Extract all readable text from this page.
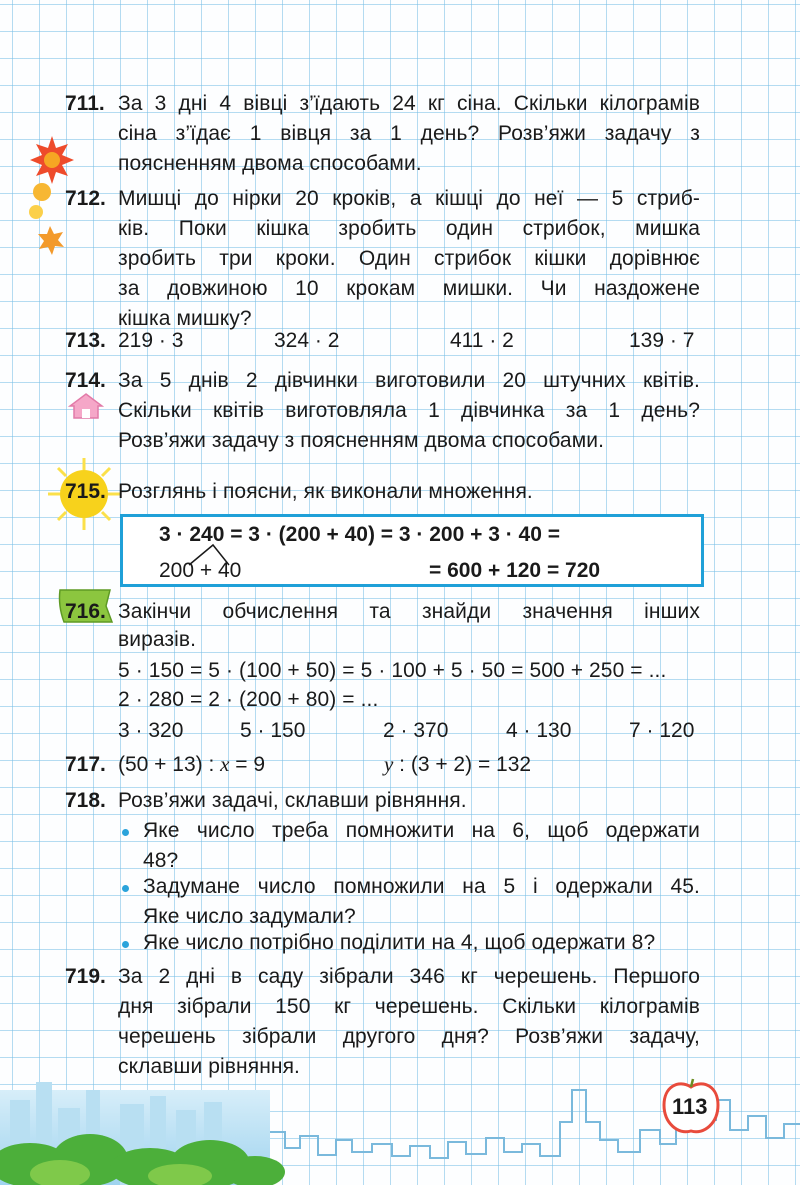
711. За 3 дні 4 вівці з’їдають 24 кг сіна. Скільки кілограмів
сіна з’їдає 1 вівця за 1 день? Розв’яжи задачу з
поясненням двома способами.
712. Мишці до нірки 20 кроків, а кішці до неї — 5 стриб-
ків. Поки кішка зробить один стрибок, мишка
зробить три кроки. Один стрибок кішки дорівнює
за довжиною 10 крокам мишки. Чи наздожене
кішка мишку?
713. 219 · 3	324 · 2	411 · 2	139 · 7
714. За 5 днів 2 дівчинки виготовили 20 штучних квітів.
Скільки квітів виготовляла 1 дівчинка за 1 день?
Розв’яжи задачу з поясненням двома способами.
715. Розглянь і поясни, як виконали множення.
3 · 240 = 3 · (200 + 40) = 3 · 200 + 3 · 40 =
200 + 40	= 600 + 120 = 720
716. Закінчи обчислення та знайди значення інших
виразів.
5 · 150 = 5 · (100 + 50) = 5 · 100 + 5 · 50 = 500 + 250 = ...
2 · 280 = 2 · (200 + 80) = ...
3 · 320	5 · 150	2 · 370	4 · 130	7 · 120
717. (50 + 13) : x = 9	y : (3 + 2) = 132
718. Розв’яжи задачі, склавши рівняння.
Яке число треба помножити на 6, щоб одержати
48?
Задумане число помножили на 5 і одержали 45.
Яке число задумали?
Яке число потрібно поділити на 4, щоб одержати 8?
719. За 2 дні в саду зібрали 346 кг черешень. Першого
дня зібрали 150 кг черешень. Скільки кілограмів
черешень зібрали другого дня? Розв’яжи задачу,
склавши рівняння.
113
